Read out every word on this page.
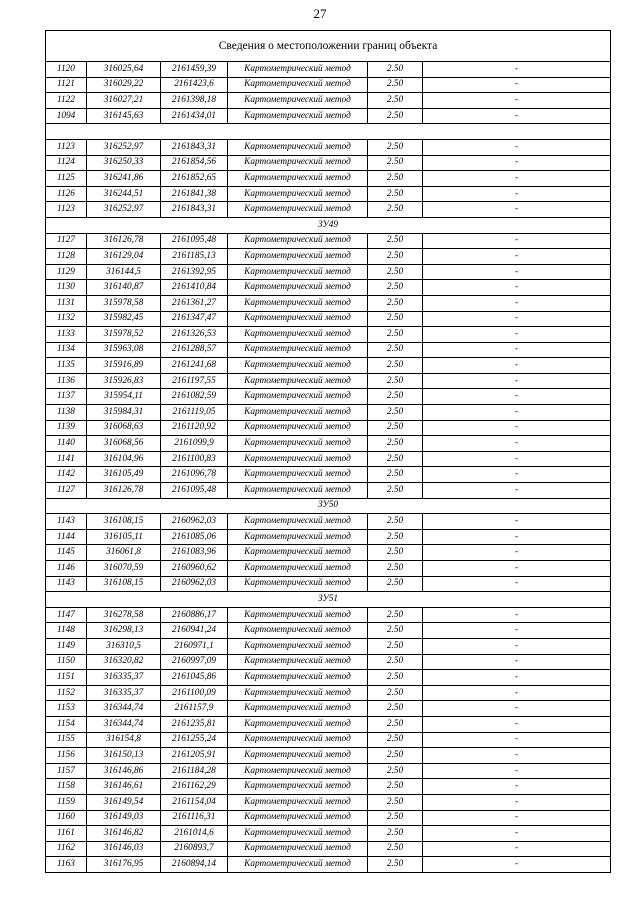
27
Сведения о местоположении границ объекта					
1120	316025,64	2161459,39	Картометрический метод	2.50	-
1121	316029,22	2161423,6	Картометрический метод	2.50	-
1122	316027,21	2161398,18	Картометрический метод	2.50	-
1094	316145,63	2161434,01	Картометрический метод	2.50	-

1123	316252,97	2161843,31	Картометрический метод	2.50	-
1124	316250,33	2161854,56	Картометрический метод	2.50	-
1125	316241,86	2161852,65	Картометрический метод	2.50	-
1126	316244,51	2161841,38	Картометрический метод	2.50	-
1123	316252,97	2161843,31	Картометрический метод	2.50	-
ЗУ49					
1127	316126,78	2161095,48	Картометрический метод	2.50	-
1128	316129,04	2161185,13	Картометрический метод	2.50	-
1129	316144,5	2161392,95	Картометрический метод	2.50	-
1130	316140,87	2161410,84	Картометрический метод	2.50	-
1131	315978,58	2161361,27	Картометрический метод	2.50	-
1132	315982,45	2161347,47	Картометрический метод	2.50	-
1133	315978,52	2161326,53	Картометрический метод	2.50	-
1134	315963,08	2161288,57	Картометрический метод	2.50	-
1135	315916,89	2161241,68	Картометрический метод	2.50	-
1136	315926,83	2161197,55	Картометрический метод	2.50	-
1137	315954,11	2161082,59	Картометрический метод	2.50	-
1138	315984,31	2161119,05	Картометрический метод	2.50	-
1139	316068,63	2161120,92	Картометрический метод	2.50	-
1140	316068,56	2161099,9	Картометрический метод	2.50	-
1141	316104,96	2161100,83	Картометрический метод	2.50	-
1142	316105,49	2161096,78	Картометрический метод	2.50	-
1127	316126,78	2161095,48	Картометрический метод	2.50	-
ЗУ50					
1143	316108,15	2160962,03	Картометрический метод	2.50	-
1144	316105,11	2161085,06	Картометрический метод	2.50	-
1145	316061,8	2161083,96	Картометрический метод	2.50	-
1146	316070,59	2160960,62	Картометрический метод	2.50	-
1143	316108,15	2160962,03	Картометрический метод	2.50	-
ЗУ51					
1147	316278,58	2160886,17	Картометрический метод	2.50	-
1148	316298,13	2160941,24	Картометрический метод	2.50	-
1149	316310,5	2160971,1	Картометрический метод	2.50	-
1150	316320,82	2160997,09	Картометрический метод	2.50	-
1151	316335,37	2161045,86	Картометрический метод	2.50	-
1152	316335,37	2161100,09	Картометрический метод	2.50	-
1153	316344,74	2161157,9	Картометрический метод	2.50	-
1154	316344,74	2161235,81	Картометрический метод	2.50	-
1155	316154,8	2161255,24	Картометрический метод	2.50	-
1156	316150,13	2161205,91	Картометрический метод	2.50	-
1157	316146,86	2161184,28	Картометрический метод	2.50	-
1158	316146,61	2161162,29	Картометрический метод	2.50	-
1159	316149,54	2161154,04	Картометрический метод	2.50	-
1160	316149,03	2161116,31	Картометрический метод	2.50	-
1161	316146,82	2161014,6	Картометрический метод	2.50	-
1162	316146,03	2160893,7	Картометрический метод	2.50	-
1163	316176,95	2160894,14	Картометрический метод	2.50	-
